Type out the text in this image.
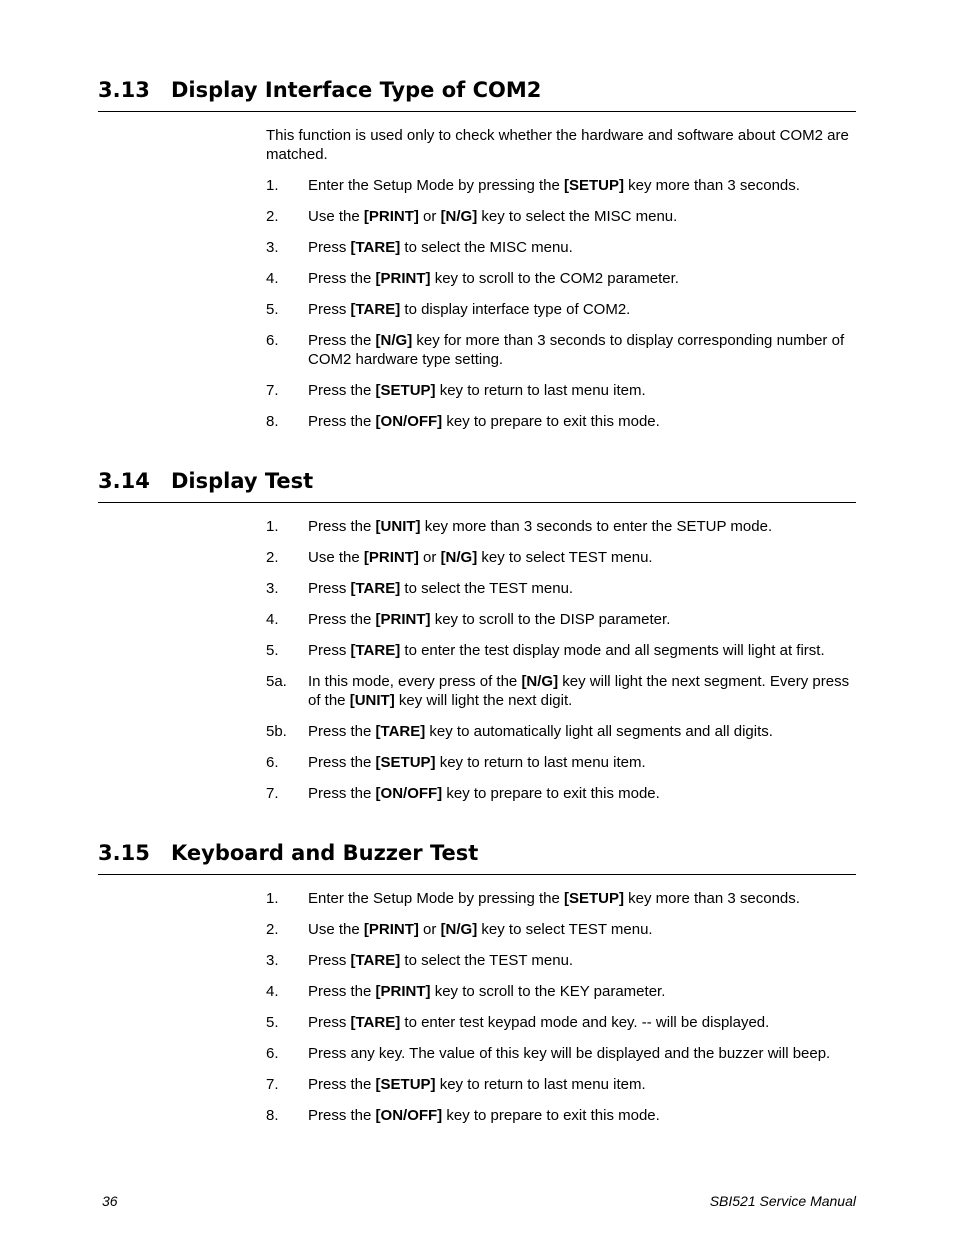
3.13 Display Interface Type of COM2
This function is used only to check whether the hardware and software about COM2 are matched.
1.	Enter the Setup Mode by pressing the [SETUP] key more than 3 seconds.
2.	Use the [PRINT] or [N/G] key to select the MISC menu.
3.	Press [TARE] to select the MISC menu.
4.	Press the [PRINT] key to scroll to the COM2 parameter.
5.	Press [TARE] to display interface type of COM2.
6.	Press the [N/G] key for more than 3 seconds to display corresponding number of COM2 hardware type setting.
7.	Press the [SETUP] key to return to last menu item.
8.	Press the [ON/OFF] key to prepare to exit this mode.
3.14 Display Test
1.	Press the [UNIT] key more than 3 seconds to enter the SETUP mode.
2.	Use the [PRINT] or [N/G] key to select TEST menu.
3.	Press [TARE] to select the TEST menu.
4.	Press the [PRINT] key to scroll to the DISP parameter.
5.	Press [TARE] to enter the test display mode and all segments will light at first.
5a.	In this mode, every press of the [N/G] key will light the next segment. Every press of the [UNIT] key will light the next digit.
5b.	Press the [TARE] key to automatically light all segments and all digits.
6.	Press the [SETUP] key to return to last menu item.
7.	Press the [ON/OFF] key to prepare to exit this mode.
3.15 Keyboard and Buzzer Test
1.	Enter the Setup Mode by pressing the [SETUP] key more than 3 seconds.
2.	Use the [PRINT] or [N/G] key to select TEST menu.
3.	Press [TARE] to select the TEST menu.
4.	Press the [PRINT] key to scroll to the KEY parameter.
5.	Press [TARE] to enter test keypad mode and key. -- will be displayed.
6.	Press any key. The value of this key will be displayed and the buzzer will beep.
7.	Press the [SETUP] key to return to last menu item.
8.	Press the [ON/OFF] key to prepare to exit this mode.
36	SBI521 Service Manual
